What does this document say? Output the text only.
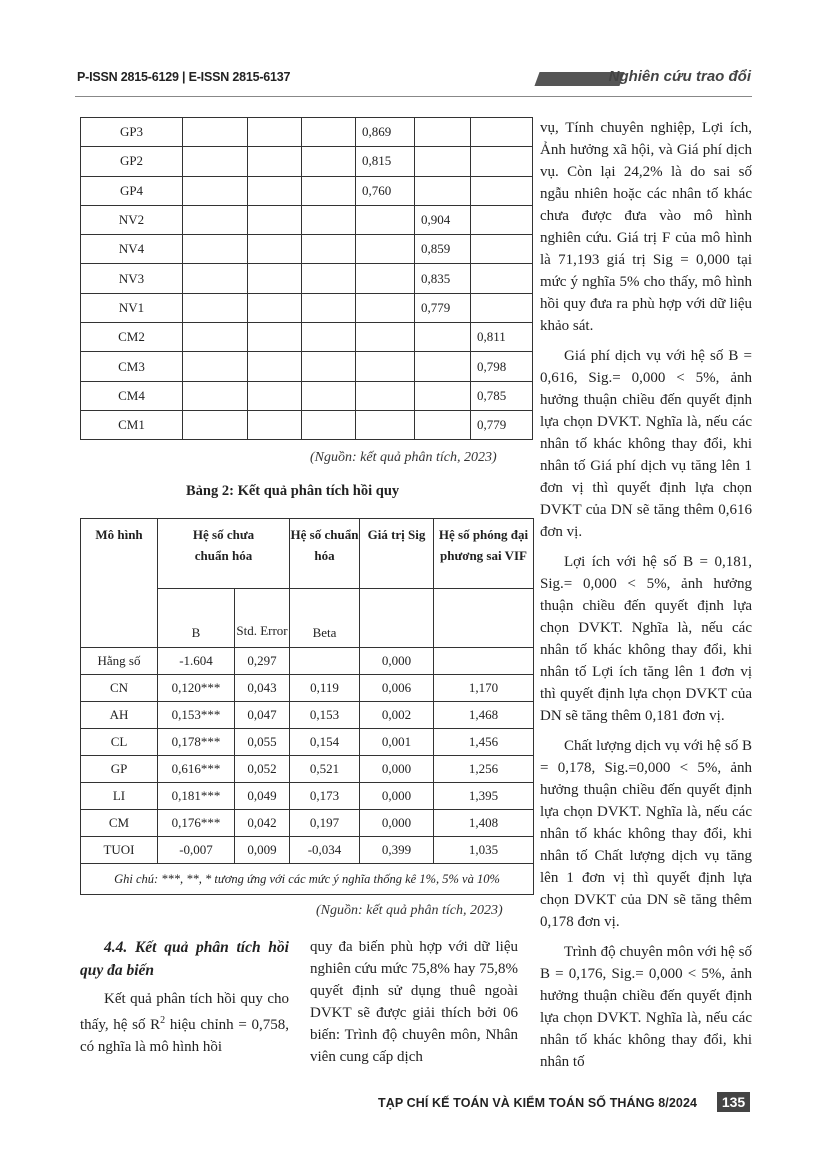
P-ISSN 2815-6129 | E-ISSN 2815-6137	Nghiên cứu trao đổi
GP3				0,869		
GP2				0,815		
GP4				0,760		
NV2					0,904	
NV4					0,859	
NV3					0,835	
NV1					0,779	
CM2						0,811
CM3						0,798
CM4						0,785
CM1						0,779
(Nguồn: kết quả phân tích, 2023)
Bảng 2: Kết quả phân tích hồi quy
Mô hình	Hệ số chưa chuẩn hóa		Hệ số chuẩn hóa	Giá trị Sig	Hệ số phóng đại phương sai VIF
	B	Std. Error	Beta		
Hằng số	-1.604	0,297		0,000	
CN	0,120***	0,043	0,119	0,006	1,170
AH	0,153***	0,047	0,153	0,002	1,468
CL	0,178***	0,055	0,154	0,001	1,456
GP	0,616***	0,052	0,521	0,000	1,256
LI	0,181***	0,049	0,173	0,000	1,395
CM	0,176***	0,042	0,197	0,000	1,408
TUOI	-0,007	0,009	-0,034	0,399	1,035
Ghi chú: ***, **, * tương ứng với các mức ý nghĩa thống kê 1%, 5% và 10%					
(Nguồn: kết quả phân tích, 2023)
4.4. Kết quả phân tích hồi quy đa biến

Kết quả phân tích hồi quy cho thấy, hệ số $R^2$ hiệu chỉnh = 0,758, có nghĩa là mô hình hồi

quy đa biến phù hợp với dữ liệu nghiên cứu mức 75,8% hay 75,8% quyết định sử dụng thuê ngoài DVKT sẽ được giải thích bởi 06 biến: Trình độ chuyên môn, Nhân viên cung cấp dịch

vụ, Tính chuyên nghiệp, Lợi ích, Ảnh hưởng xã hội, và Giá phí dịch vụ. Còn lại 24,2% là do sai số ngẫu nhiên hoặc các nhân tố khác chưa được đưa vào mô hình nghiên cứu. Giá trị F của mô hình là 71,193 giá trị Sig = 0,000 tại mức ý nghĩa 5% cho thấy, mô hình hồi quy đưa ra phù hợp với dữ liệu khảo sát.

Giá phí dịch vụ với hệ số B = 0,616, Sig.= 0,000 < 5%, ảnh hưởng thuận chiều đến quyết định lựa chọn DVKT. Nghĩa là, nếu các nhân tố khác không thay đổi, khi nhân tố Giá phí dịch vụ tăng lên 1 đơn vị thì quyết định lựa chọn DVKT của DN sẽ tăng thêm 0,616 đơn vị.

Lợi ích với hệ số B = 0,181, Sig.= 0,000 < 5%, ảnh hưởng thuận chiều đến quyết định lựa chọn DVKT. Nghĩa là, nếu các nhân tố khác không thay đổi, khi nhân tố Lợi ích tăng lên 1 đơn vị thì quyết định lựa chọn DVKT của DN sẽ tăng thêm 0,181 đơn vị.

Chất lượng dịch vụ với hệ số B = 0,178, Sig.=0,000 < 5%, ảnh hưởng thuận chiều đến quyết định lựa chọn DVKT. Nghĩa là, nếu các nhân tố khác không thay đổi, khi nhân tố Chất lượng dịch vụ tăng lên 1 đơn vị thì quyết định lựa chọn DVKT của DN sẽ tăng thêm 0,178 đơn vị.

Trình độ chuyên môn với hệ số B = 0,176, Sig.= 0,000 < 5%, ảnh hưởng thuận chiều đến quyết định lựa chọn DVKT. Nghĩa là, nếu các nhân tố khác không thay đổi, khi nhân tố

TẠP CHÍ KẾ TOÁN VÀ KIỂM TOÁN SỐ THÁNG 8/2024	135
